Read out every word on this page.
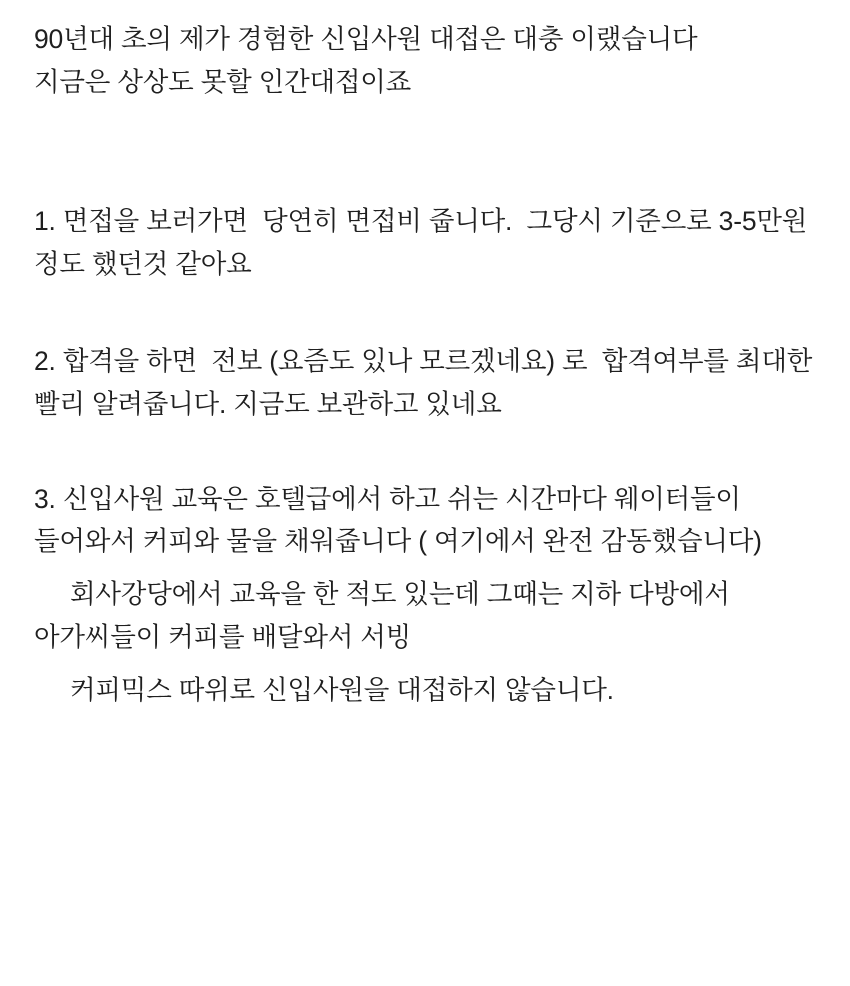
90년대 초의 제가 경험한 신입사원 대접은 대충 이랬습니다
지금은 상상도 못할 인간대접이죠
1. 면접을 보러가면  당연히 면접비 줍니다.  그당시 기준으로 3-5만원 정도 했던것 같아요
2. 합격을 하면  전보 (요즘도 있나 모르겠네요) 로  합격여부를 최대한 빨리 알려줍니다. 지금도 보관하고 있네요
3. 신입사원 교육은 호텔급에서 하고 쉬는 시간마다 웨이터들이 들어와서 커피와 물을 채워줍니다 ( 여기에서 완전 감동했습니다)
회사강당에서 교육을 한 적도 있는데 그때는 지하 다방에서 아가씨들이 커피를 배달와서 서빙
커피믹스 따위로 신입사원을 대접하지 않습니다.
